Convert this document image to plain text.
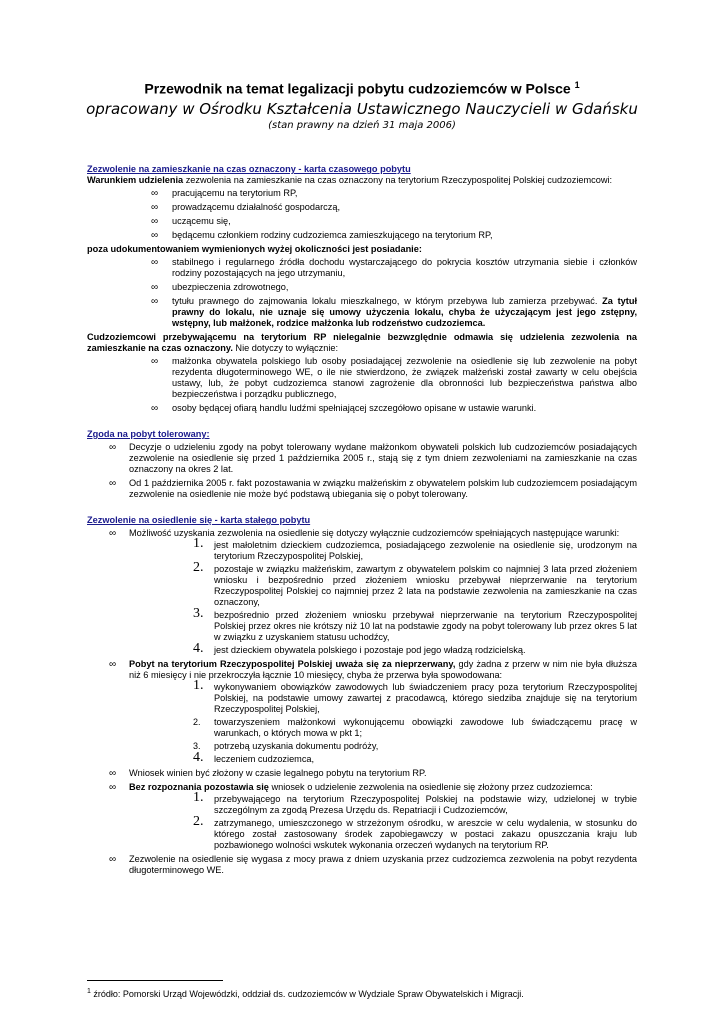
Przewodnik na temat legalizacji pobytu cudzoziemców w Polsce $^1$
opracowany w Ośrodku Kształcenia Ustawicznego Nauczycieli w Gdańsku
(stan prawny na dzień 31 maja 2006)

Zezwolenie na zamieszkanie na czas oznaczony - karta czasowego pobytu

Warunkiem udzielenia zezwolenia na zamieszkanie na czas oznaczony na terytorium Rzeczypospolitej Polskiej cudzoziemcowi:

∞ pracującemu na terytorium RP,
∞ prowadzącemu działalność gospodarczą,
∞ uczącemu się,
∞ będącemu członkiem rodziny cudzoziemca zamieszkującego na terytorium RP,

poza udokumentowaniem wymienionych wyżej okoliczności jest posiadanie:

∞ stabilnego i regularnego źródła dochodu wystarczającego do pokrycia kosztów utrzymania siebie i członków rodziny pozostających na jego utrzymaniu,
∞ ubezpieczenia zdrowotnego,
∞ tytułu prawnego do zajmowania lokalu mieszkalnego, w którym przebywa lub zamierza przebywać. Za tytuł prawny do lokalu, nie uznaje się umowy użyczenia lokalu, chyba że użyczającym jest jego zstępny, wstępny, lub małżonek, rodzice małżonka lub rodzeństwo cudzoziemca.

Cudzoziemcowi przebywającemu na terytorium RP nielegalnie bezwzględnie odmawia się udzielenia zezwolenia na zamieszkanie na czas oznaczony. Nie dotyczy to wyłącznie:

∞ małżonka obywatela polskiego lub osoby posiadającej zezwolenie na osiedlenie się lub zezwolenie na pobyt rezydenta długoterminowego WE, o ile nie stwierdzono, że związek małżeński został zawarty w celu obejścia ustawy, lub, że pobyt cudzoziemca stanowi zagrożenie dla obronności lub bezpieczeństwa państwa albo bezpieczeństwa i porządku publicznego,
∞ osoby będącej ofiarą handlu ludźmi spełniającej szczegółowo opisane w ustawie warunki.

Zgoda na pobyt tolerowany:

∞ Decyzje o udzieleniu zgody na pobyt tolerowany wydane małżonkom obywateli polskich lub cudzoziemców posiadających zezwolenie na osiedlenie się przed 1 października 2005 r., stają się z tym dniem zezwoleniami na zamieszkanie na czas oznaczony na okres 2 lat.
∞ Od 1 października 2005 r. fakt pozostawania w związku małżeńskim z obywatelem polskim lub cudzoziemcem posiadającym zezwolenie na osiedlenie nie może być podstawą ubiegania się o pobyt tolerowany.

Zezwolenie na osiedlenie się - karta stałego pobytu

∞ Możliwość uzyskania zezwolenia na osiedlenie się dotyczy wyłącznie cudzoziemców spełniających następujące warunki:
1. jest małoletnim dzieckiem cudzoziemca, posiadającego zezwolenie na osiedlenie się, urodzonym na terytorium Rzeczypospolitej Polskiej,
2. pozostaje w związku małżeńskim, zawartym z obywatelem polskim co najmniej 3 lata przed złożeniem wniosku i bezpośrednio przed złożeniem wniosku przebywał nieprzerwanie na terytorium Rzeczypospolitej Polskiej co najmniej przez 2 lata na podstawie zezwolenia na zamieszkanie na czas oznaczony,
3. bezpośrednio przed złożeniem wniosku przebywał nieprzerwanie na terytorium Rzeczypospolitej Polskiej przez okres nie krótszy niż 10 lat na podstawie zgody na pobyt tolerowany lub przez okres 5 lat w związku z uzyskaniem statusu uchodźcy,
4. jest dzieckiem obywatela polskiego i pozostaje pod jego władzą rodzicielską.
∞ Pobyt na terytorium Rzeczypospolitej Polskiej uważa się za nieprzerwany, gdy żadna z przerw w nim nie była dłuższa niż 6 miesięcy i nie przekroczyła łącznie 10 miesięcy, chyba że przerwa była spowodowana:
1. wykonywaniem obowiązków zawodowych lub świadczeniem pracy poza terytorium Rzeczypospolitej Polskiej, na podstawie umowy zawartej z pracodawcą, którego siedziba znajduje się na terytorium Rzeczypospolitej Polskiej,
2. towarzyszeniem małżonkowi wykonującemu obowiązki zawodowe lub świadczącemu pracę w warunkach, o których mowa w pkt 1;
3. potrzebą uzyskania dokumentu podróży,
4. leczeniem cudzoziemca,
∞ Wniosek winien być złożony w czasie legalnego pobytu na terytorium RP.
∞ Bez rozpoznania pozostawia się wniosek o udzielenie zezwolenia na osiedlenie się złożony przez cudzoziemca:
1. przebywającego na terytorium Rzeczypospolitej Polskiej na podstawie wizy, udzielonej w trybie szczególnym za zgodą Prezesa Urzędu ds. Repatriacji i Cudzoziemców,
2. zatrzymanego, umieszczonego w strzeżonym ośrodku, w areszcie w celu wydalenia, w stosunku do którego został zastosowany środek zapobiegawczy w postaci zakazu opuszczania kraju lub pozbawionego wolności wskutek wykonania orzeczeń wydanych na terytorium RP.
∞ Zezwolenie na osiedlenie się wygasa z mocy prawa z dniem uzyskania przez cudzoziemca zezwolenia na pobyt rezydenta długoterminowego WE.
$^1$ źródło: Pomorski Urząd Wojewódzki, oddział ds. cudzoziemców w Wydziale Spraw Obywatelskich i Migracji.
